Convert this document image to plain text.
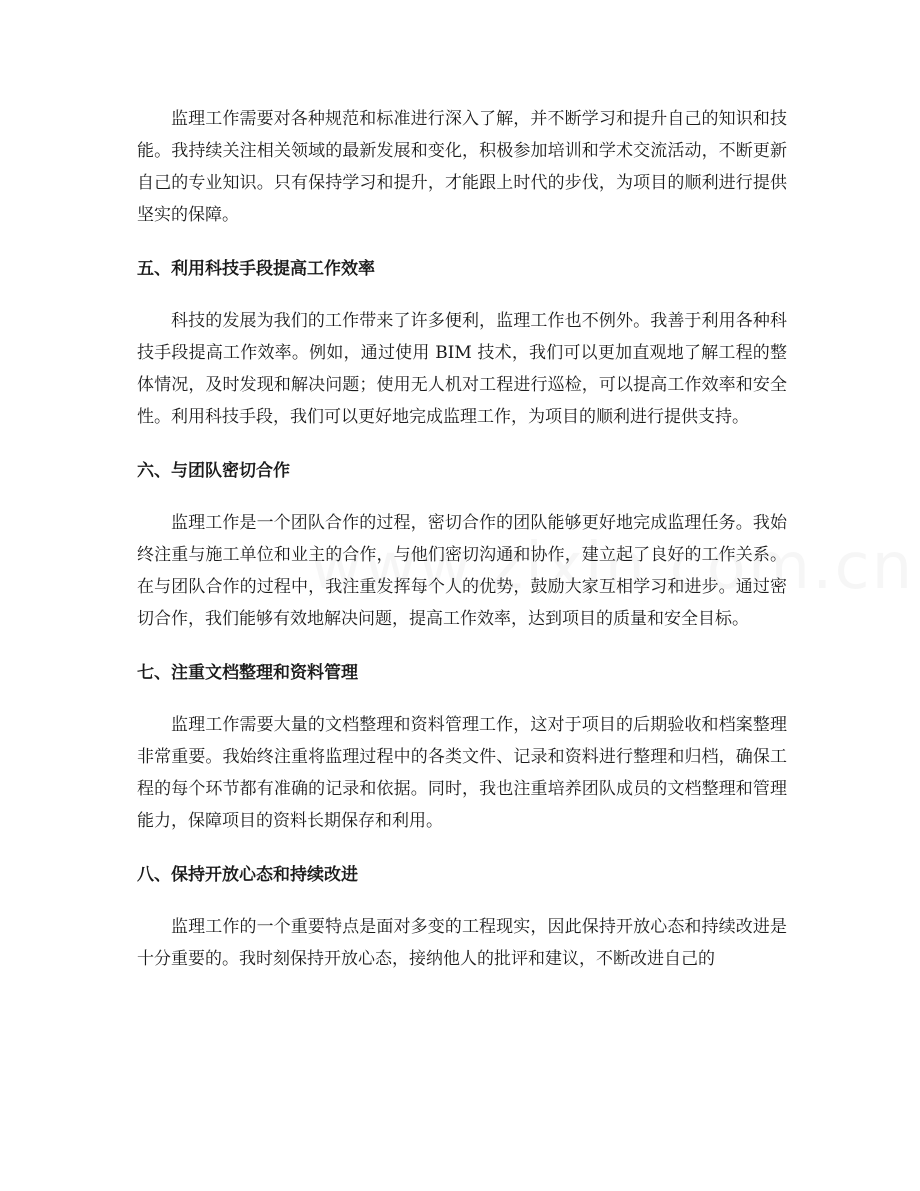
监理工作需要对各种规范和标准进行深入了解，并不断学习和提升自己的知识和技能。我持续关注相关领域的最新发展和变化，积极参加培训和学术交流活动，不断更新自己的专业知识。只有保持学习和提升，才能跟上时代的步伐，为项目的顺利进行提供坚实的保障。

五、利用科技手段提高工作效率

科技的发展为我们的工作带来了许多便利，监理工作也不例外。我善于利用各种科技手段提高工作效率。例如，通过使用 BIM 技术，我们可以更加直观地了解工程的整体情况，及时发现和解决问题；使用无人机对工程进行巡检，可以提高工作效率和安全性。利用科技手段，我们可以更好地完成监理工作，为项目的顺利进行提供支持。

六、与团队密切合作

监理工作是一个团队合作的过程，密切合作的团队能够更好地完成监理任务。我始终注重与施工单位和业主的合作，与他们密切沟通和协作，建立起了良好的工作关系。在与团队合作的过程中，我注重发挥每个人的优势，鼓励大家互相学习和进步。通过密切合作，我们能够有效地解决问题，提高工作效率，达到项目的质量和安全目标。

七、注重文档整理和资料管理

监理工作需要大量的文档整理和资料管理工作，这对于项目的后期验收和档案整理非常重要。我始终注重将监理过程中的各类文件、记录和资料进行整理和归档，确保工程的每个环节都有准确的记录和依据。同时，我也注重培养团队成员的文档整理和管理能力，保障项目的资料长期保存和利用。

八、保持开放心态和持续改进

监理工作的一个重要特点是面对多变的工程现实，因此保持开放心态和持续改进是十分重要的。我时刻保持开放心态，接纳他人的批评和建议，不断改进自己的
